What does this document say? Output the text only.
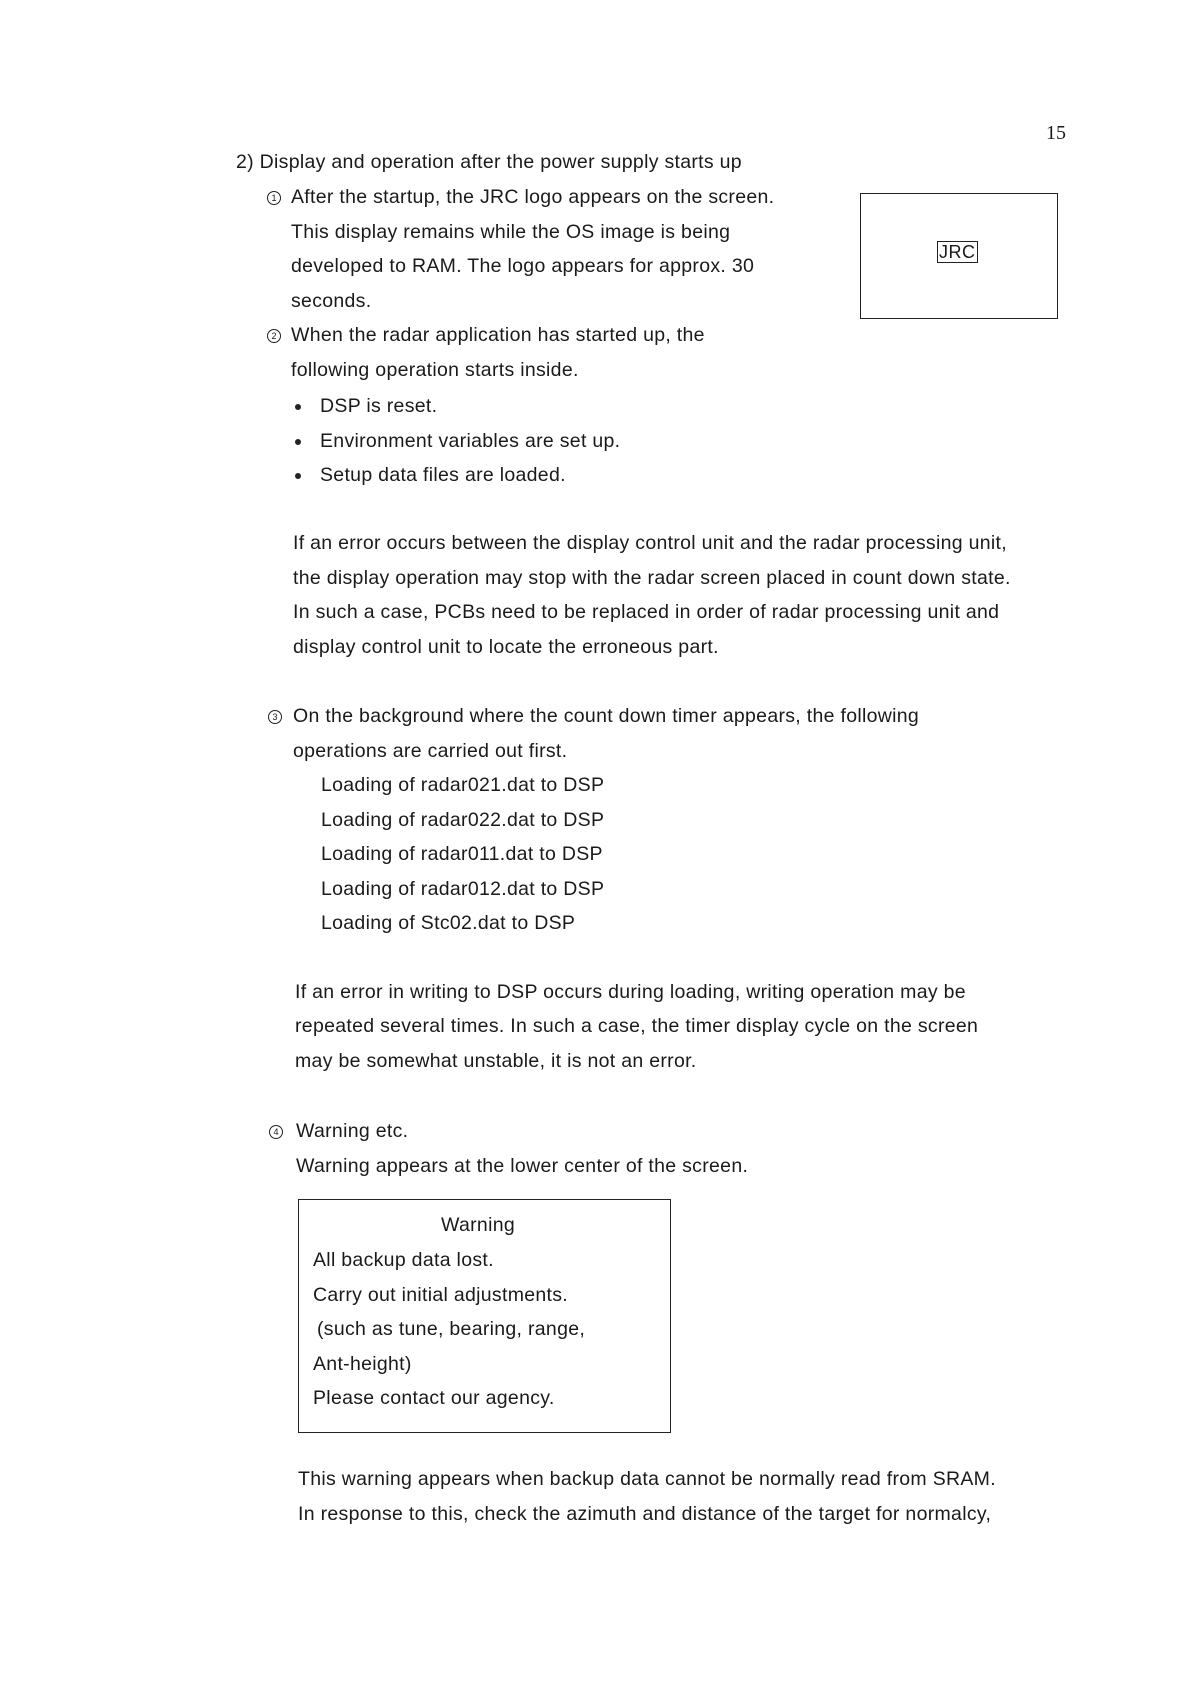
15
2) Display and operation after the power supply starts up
1 After the startup, the JRC logo appears on the screen.
This display remains while the OS image is being
developed to RAM. The logo appears for approx. 30
seconds.
JRC
2 When the radar application has started up, the
following operation starts inside.
DSP is reset.
Environment variables are set up.
Setup data files are loaded.
If an error occurs between the display control unit and the radar processing unit,
the display operation may stop with the radar screen placed in count down state.
In such a case, PCBs need to be replaced in order of radar processing unit and
display control unit to locate the erroneous part.
3 On the background where the count down timer appears, the following
operations are carried out first.
Loading of radar021.dat to DSP
Loading of radar022.dat to DSP
Loading of radar011.dat to DSP
Loading of radar012.dat to DSP
Loading of Stc02.dat to DSP
If an error in writing to DSP occurs during loading, writing operation may be
repeated several times. In such a case, the timer display cycle on the screen
may be somewhat unstable, it is not an error.
4 Warning etc.
Warning appears at the lower center of the screen.
Warning
All backup data lost.
Carry out initial adjustments.
(such as tune, bearing, range,
Ant-height)
Please contact our agency.
This warning appears when backup data cannot be normally read from SRAM.
In response to this, check the azimuth and distance of the target for normalcy,
